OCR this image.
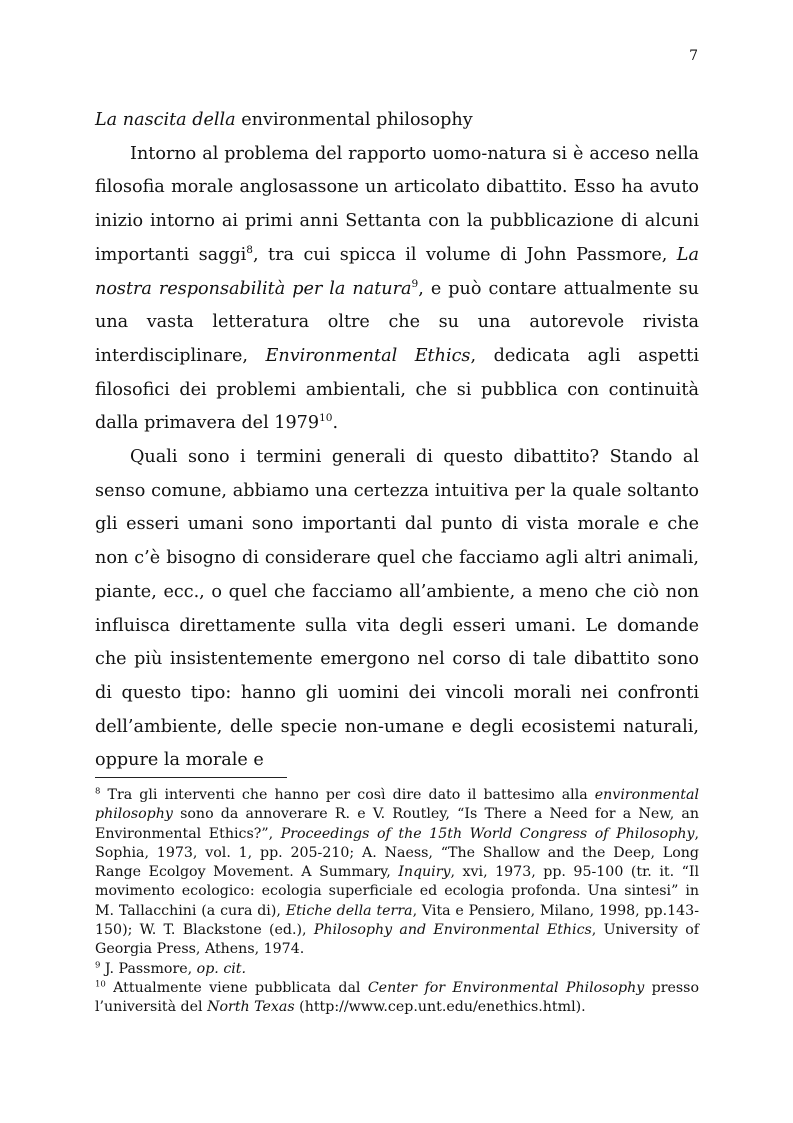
7

La nascita della environmental philosophy

Intorno al problema del rapporto uomo-natura si è acceso nella filosofia morale anglosassone un articolato dibattito. Esso ha avuto inizio intorno ai primi anni Settanta con la pubblicazione di alcuni importanti saggi$^8$, tra cui spicca il volume di John Passmore, La nostra responsabilità per la natura$^9$, e può contare attualmente su una vasta letteratura oltre che su una autorevole rivista interdisciplinare, Environmental Ethics, dedicata agli aspetti filosofici dei problemi ambientali, che si pubblica con continuità dalla primavera del 1979$^{10}$.

Quali sono i termini generali di questo dibattito? Stando al senso comune, abbiamo una certezza intuitiva per la quale soltanto gli esseri umani sono importanti dal punto di vista morale e che non c’è bisogno di considerare quel che facciamo agli altri animali, piante, ecc., o quel che facciamo all’ambiente, a meno che ciò non influisca direttamente sulla vita degli esseri umani. Le domande che più insistentemente emergono nel corso di tale dibattito sono di questo tipo: hanno gli uomini dei vincoli morali nei confronti dell’ambiente, delle specie non-umane e degli ecosistemi naturali, oppure la morale e

$^8$ Tra gli interventi che hanno per così dire dato il battesimo alla environmental philosophy sono da annoverare R. e V. Routley, “Is There a Need for a New, an Environmental Ethics?”, Proceedings of the 15th World Congress of Philosophy, Sophia, 1973, vol. 1, pp. 205-210; A. Naess, “The Shallow and the Deep, Long Range Ecolgoy Movement. A Summary, Inquiry, xvi, 1973, pp. 95-100 (tr. it. “Il movimento ecologico: ecologia superficiale ed ecologia profonda. Una sintesi” in M. Tallacchini (a cura di), Etiche della terra, Vita e Pensiero, Milano, 1998, pp.143-150); W. T. Blackstone (ed.), Philosophy and Environmental Ethics, University of Georgia Press, Athens, 1974.

$^9$ J. Passmore, op. cit.

$^{10}$ Attualmente viene pubblicata dal Center for Environmental Philosophy presso l’università del North Texas (http://www.cep.unt.edu/enethics.html).
